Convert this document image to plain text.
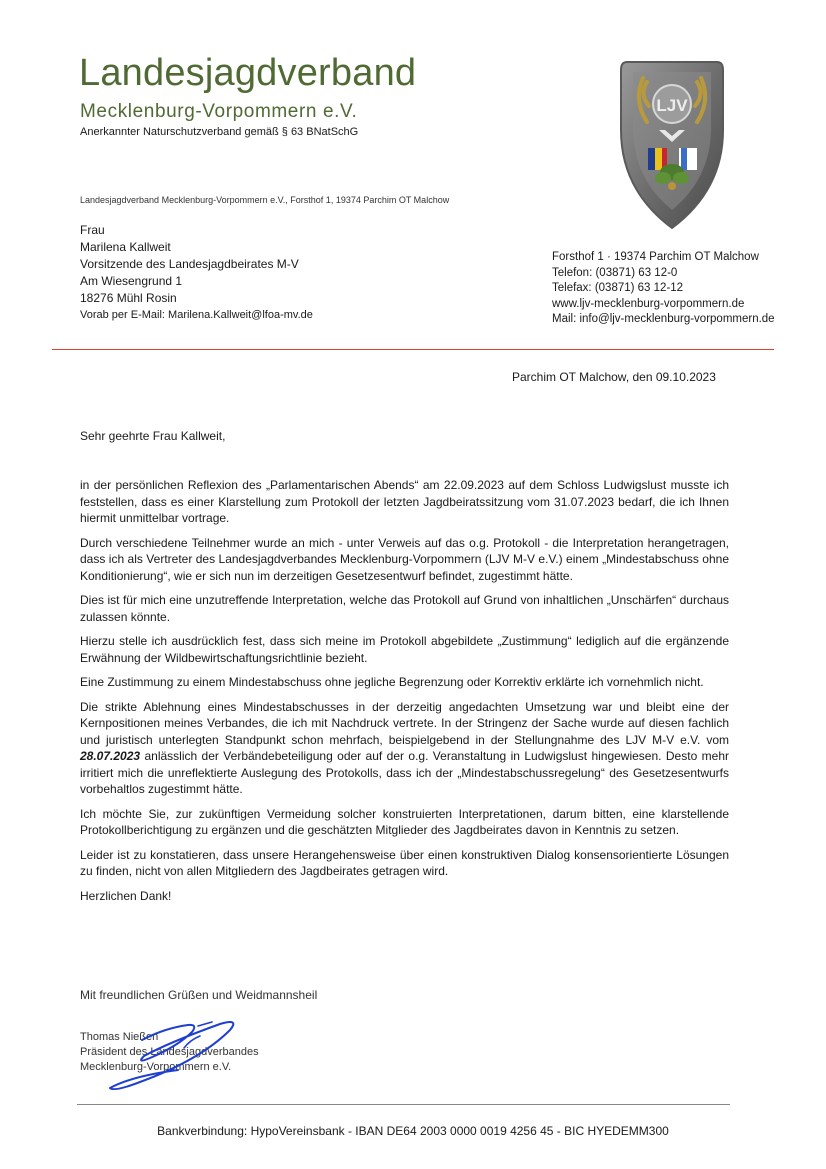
Landesjagdverband
Mecklenburg-Vorpommern e.V.
Anerkannter Naturschutzverband gemäß § 63 BNatSchG
LJV
Landesjagdverband Mecklenburg-Vorpommern e.V., Forsthof 1, 19374 Parchim OT Malchow
Frau
Marilena Kallweit
Vorsitzende des Landesjagdbeirates M-V
Am Wiesengrund 1
18276 Mühl Rosin
Vorab per E-Mail: Marilena.Kallweit@lfoa-mv.de
Forsthof 1 · 19374 Parchim OT Malchow
Telefon: (03871) 63 12-0
Telefax: (03871) 63 12-12
www.ljv-mecklenburg-vorpommern.de
Mail: info@ljv-mecklenburg-vorpommern.de
Parchim OT Malchow, den 09.10.2023
Sehr geehrte Frau Kallweit,

in der persönlichen Reflexion des „Parlamentarischen Abends“ am 22.09.2023 auf dem Schloss Ludwigslust musste ich feststellen, dass es einer Klarstellung zum Protokoll der letzten Jagdbeiratssitzung vom 31.07.2023 bedarf, die ich Ihnen hiermit unmittelbar vortrage.

Durch verschiedene Teilnehmer wurde an mich - unter Verweis auf das o.g. Protokoll - die Interpretation herangetragen, dass ich als Vertreter des Landesjagdverbandes Mecklenburg-Vorpommern (LJV M-V e.V.) einem „Mindestabschuss ohne Konditionierung“, wie er sich nun im derzeitigen Gesetzesentwurf befindet, zugestimmt hätte.

Dies ist für mich eine unzutreffende Interpretation, welche das Protokoll auf Grund von inhaltlichen „Unschärfen“ durchaus zulassen könnte.

Hierzu stelle ich ausdrücklich fest, dass sich meine im Protokoll abgebildete „Zustimmung“ lediglich auf die ergänzende Erwähnung der Wildbewirtschaftungsrichtlinie bezieht.

Eine Zustimmung zu einem Mindestabschuss ohne jegliche Begrenzung oder Korrektiv erklärte ich vornehmlich nicht.

Die strikte Ablehnung eines Mindestabschusses in der derzeitig angedachten Umsetzung war und bleibt eine der Kernpositionen meines Verbandes, die ich mit Nachdruck vertrete. In der Stringenz der Sache wurde auf diesen fachlich und juristisch unterlegten Standpunkt schon mehrfach, beispielgebend in der Stellungnahme des LJV M-V e.V. vom 28.07.2023 anlässlich der Verbändebeteiligung oder auf der o.g. Veranstaltung in Ludwigslust hingewiesen. Desto mehr irritiert mich die unreflektierte Auslegung des Protokolls, dass ich der „Mindestabschussregelung“ des Gesetzesentwurfs vorbehaltlos zugestimmt hätte.

Ich möchte Sie, zur zukünftigen Vermeidung solcher konstruierten Interpretationen, darum bitten, eine klarstellende Protokollberichtigung zu ergänzen und die geschätzten Mitglieder des Jagdbeirates davon in Kenntnis zu setzen.

Leider ist zu konstatieren, dass unsere Herangehensweise über einen konstruktiven Dialog konsensorientierte Lösungen zu finden, nicht von allen Mitgliedern des Jagdbeirates getragen wird.

Herzlichen Dank!

Mit freundlichen Grüßen und Weidmannsheil
Thomas Nießen
Präsident des Landesjagdverbandes
Mecklenburg-Vorpommern e.V.
Bankverbindung: HypoVereinsbank - IBAN DE64 2003 0000 0019 4256 45 - BIC HYEDEMM300
